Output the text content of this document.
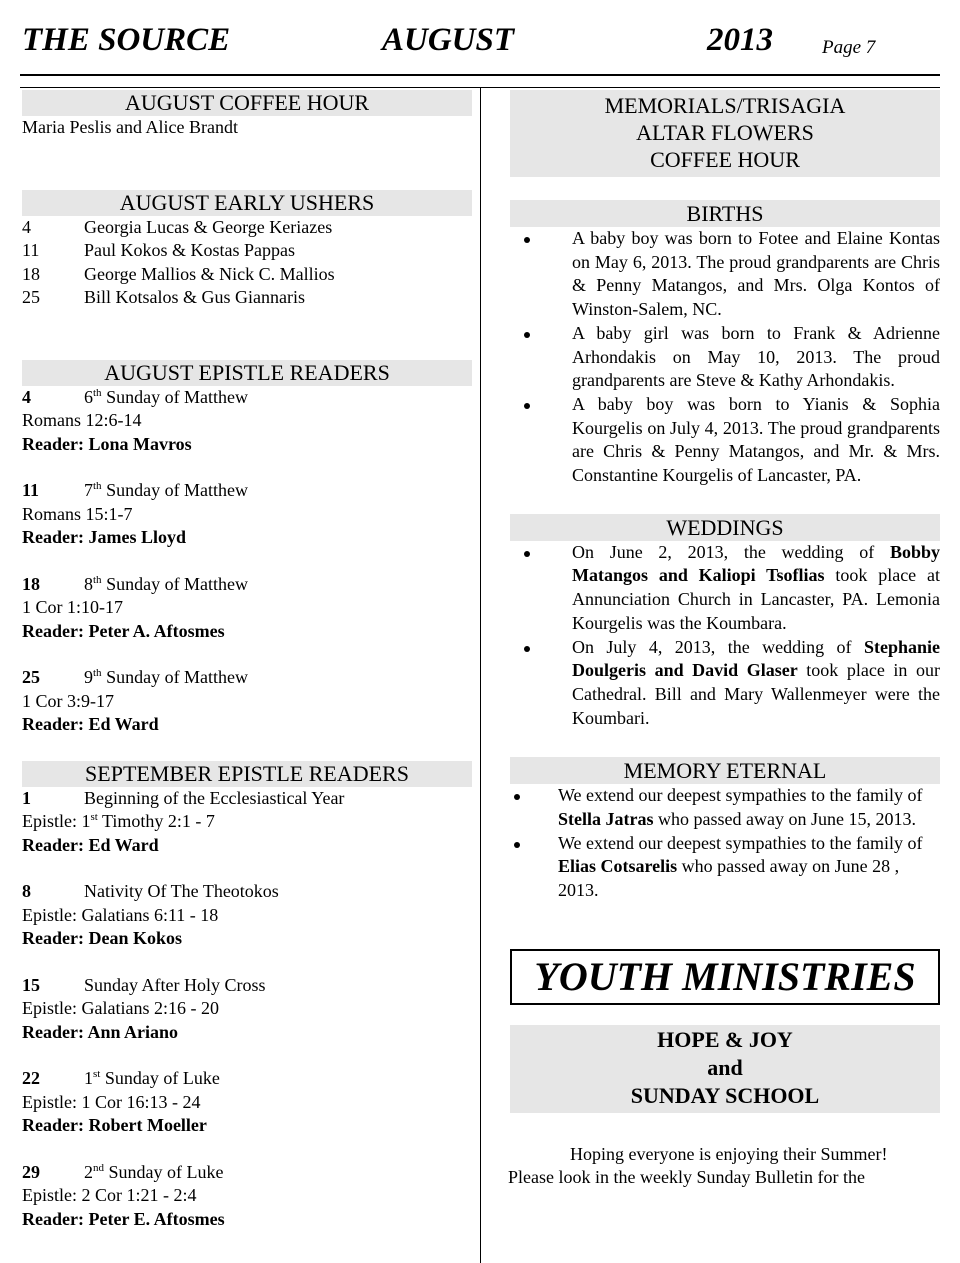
THE SOURCE	AUGUST	2013	Page 7
AUGUST COFFEE HOUR
Maria Peslis and Alice Brandt
AUGUST EARLY USHERS
4	Georgia Lucas & George Keriazes
11 Paul Kokos & Kostas Pappas
18 George Mallios & Nick C. Mallios
25 Bill Kotsalos & Gus Giannaris
AUGUST EPISTLE READERS
4	6th Sunday of Matthew
Romans 12:6-14
Reader: Lona Mavros
11 7th Sunday of Matthew
Romans 15:1-7
Reader: James Lloyd
18 8th Sunday of Matthew
1 Cor 1:10-17
Reader: Peter A. Aftosmes
25 9th Sunday of Matthew
1 Cor 3:9-17
Reader: Ed Ward
SEPTEMBER EPISTLE READERS
1	Beginning of the Ecclesiastical Year
Epistle: 1st Timothy 2:1 - 7
Reader: Ed Ward
8	Nativity Of The Theotokos
Epistle: Galatians 6:11 - 18
Reader: Dean Kokos
15 Sunday After Holy Cross
Epistle: Galatians 2:16 - 20
Reader: Ann Ariano
22 1st Sunday of Luke
Epistle: 1 Cor 16:13 - 24
Reader: Robert Moeller
29 2nd Sunday of Luke
Epistle: 2 Cor 1:21 - 2:4
Reader: Peter E. Aftosmes
MEMORIALS/TRISAGIA
ALTAR FLOWERS
COFFEE HOUR
BIRTHS
A baby boy was born to Fotee and Elaine Kontas on May 6, 2013. The proud grandparents are Chris & Penny Matangos, and Mrs. Olga Kontos of Winston-Salem, NC.
A baby girl was born to Frank & Adrienne Arhondakis on May 10, 2013. The proud grandparents are Steve & Kathy Arhondakis.
A baby boy was born to Yianis & Sophia Kourgelis on July 4, 2013. The proud grandparents are Chris & Penny Matangos, and Mr. & Mrs. Constantine Kourgelis of Lancaster, PA.
WEDDINGS
On June 2, 2013, the wedding of Bobby Matangos and Kaliopi Tsoflias took place at Annunciation Church in Lancaster, PA. Lemonia Kourgelis was the Koumbara.
On July 4, 2013, the wedding of Stephanie Doulgeris and David Glaser took place in our Cathedral. Bill and Mary Wallenmeyer were the Koumbari.
MEMORY ETERNAL
We extend our deepest sympathies to the family of Stella Jatras who passed away on June 15, 2013.
We extend our deepest sympathies to the family of Elias Cotsarelis who passed away on June 28 , 2013.
YOUTH MINISTRIES
HOPE & JOY
and
SUNDAY SCHOOL
Hoping everyone is enjoying their Summer!
Please look in the weekly Sunday Bulletin for the
